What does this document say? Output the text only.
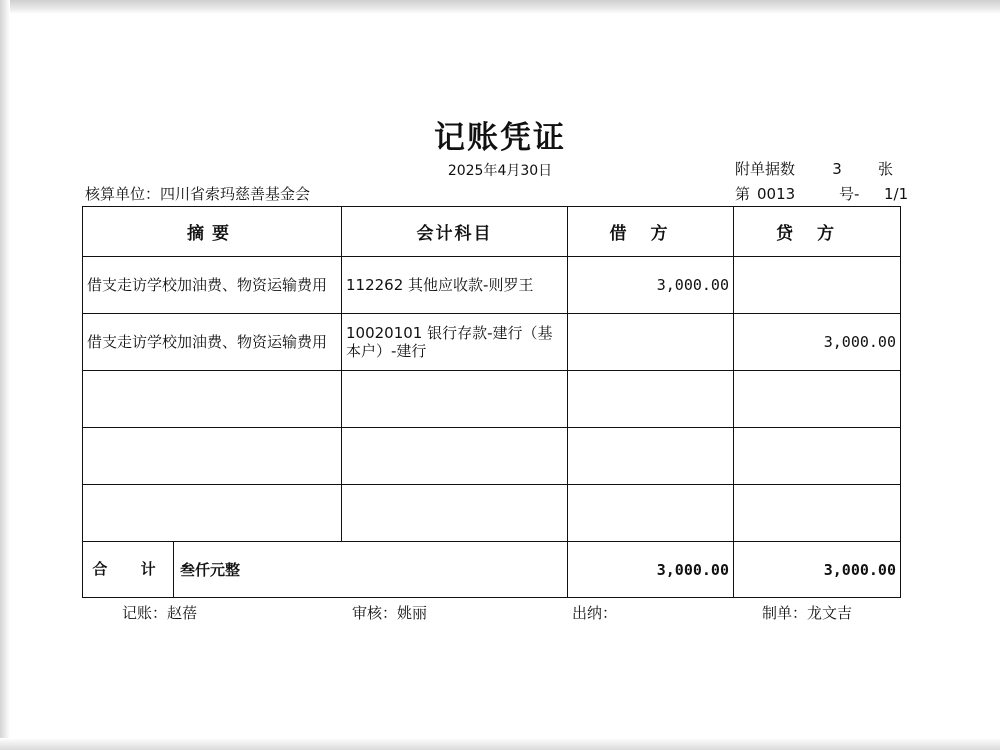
记账凭证
2025年4月30日	附单据数 3 张
核算单位：四川省索玛慈善基金会	第 0013	号- 1/1
摘要	会计科目	借方	贷方
借支走访学校加油费、物资运输费用	112262 其他应收款-则罗王	3,000.00	
借支走访学校加油费、物资运输费用	10020101 银行存款-建行（基本户）-建行		3,000.00

合 计 叁仟元整		3,000.00	3,000.00
记账：赵蓓	审核：姚丽	出纳：	制单：龙文吉
